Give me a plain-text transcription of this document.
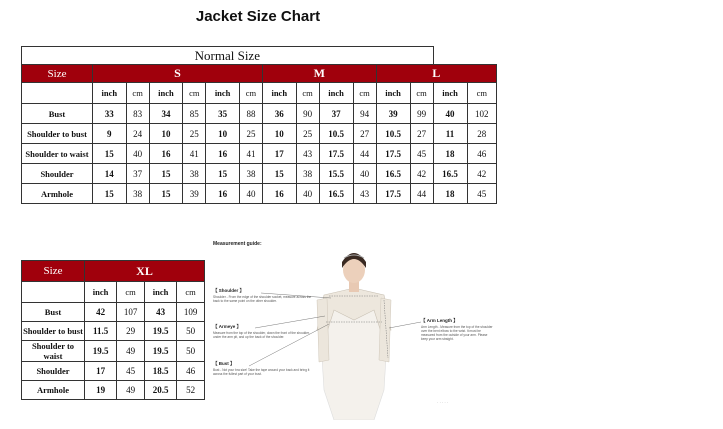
Jacket Size Chart
Normal Size														
Size	S						M				L			
	inch	cm	inch	cm	inch	cm	inch	cm	inch	cm	inch	cm	inch	cm
Bust	33	83	34	85	35	88	36	90	37	94	39	99	40	102
Shoulder to bust	9	24	10	25	10	25	10	25	10.5	27	10.5	27	11	28
Shoulder to waist	15	40	16	41	16	41	17	43	17.5	44	17.5	45	18	46
Shoulder	14	37	15	38	15	38	15	38	15.5	40	16.5	42	16.5	42
Armhole	15	38	15	39	16	40	16	40	16.5	43	17.5	44	18	45

Size	XL			
	inch	cm	inch	cm
Bust	42	107	43	109
Shoulder to bust	11.5	29	19.5	50
Shoulder to waist	19.5	49	19.5	50
Shoulder	17	45	18.5	46
Armhole	19	49	20.5	52
Measurement guide:
【 Shoulder 】
Shoulder - From the edge of the shoulder socket, measure across the back to the same point on the other shoulder.
【 Armeye 】
Measure from the top of the shoulder, down the front of the shoulder, under the arm pit, and up the back of the shoulder.
【 Bust 】
Bust - Not your bra size! Take the tape around your back and bring it across the fullest part of your bust.
【 Arm Length 】
Arm Length - Measure from the top of the shoulder over the bent elbow to the wrist. It must be measured from the outside of your arm. Please keep your arm straight.
· · · · ·
